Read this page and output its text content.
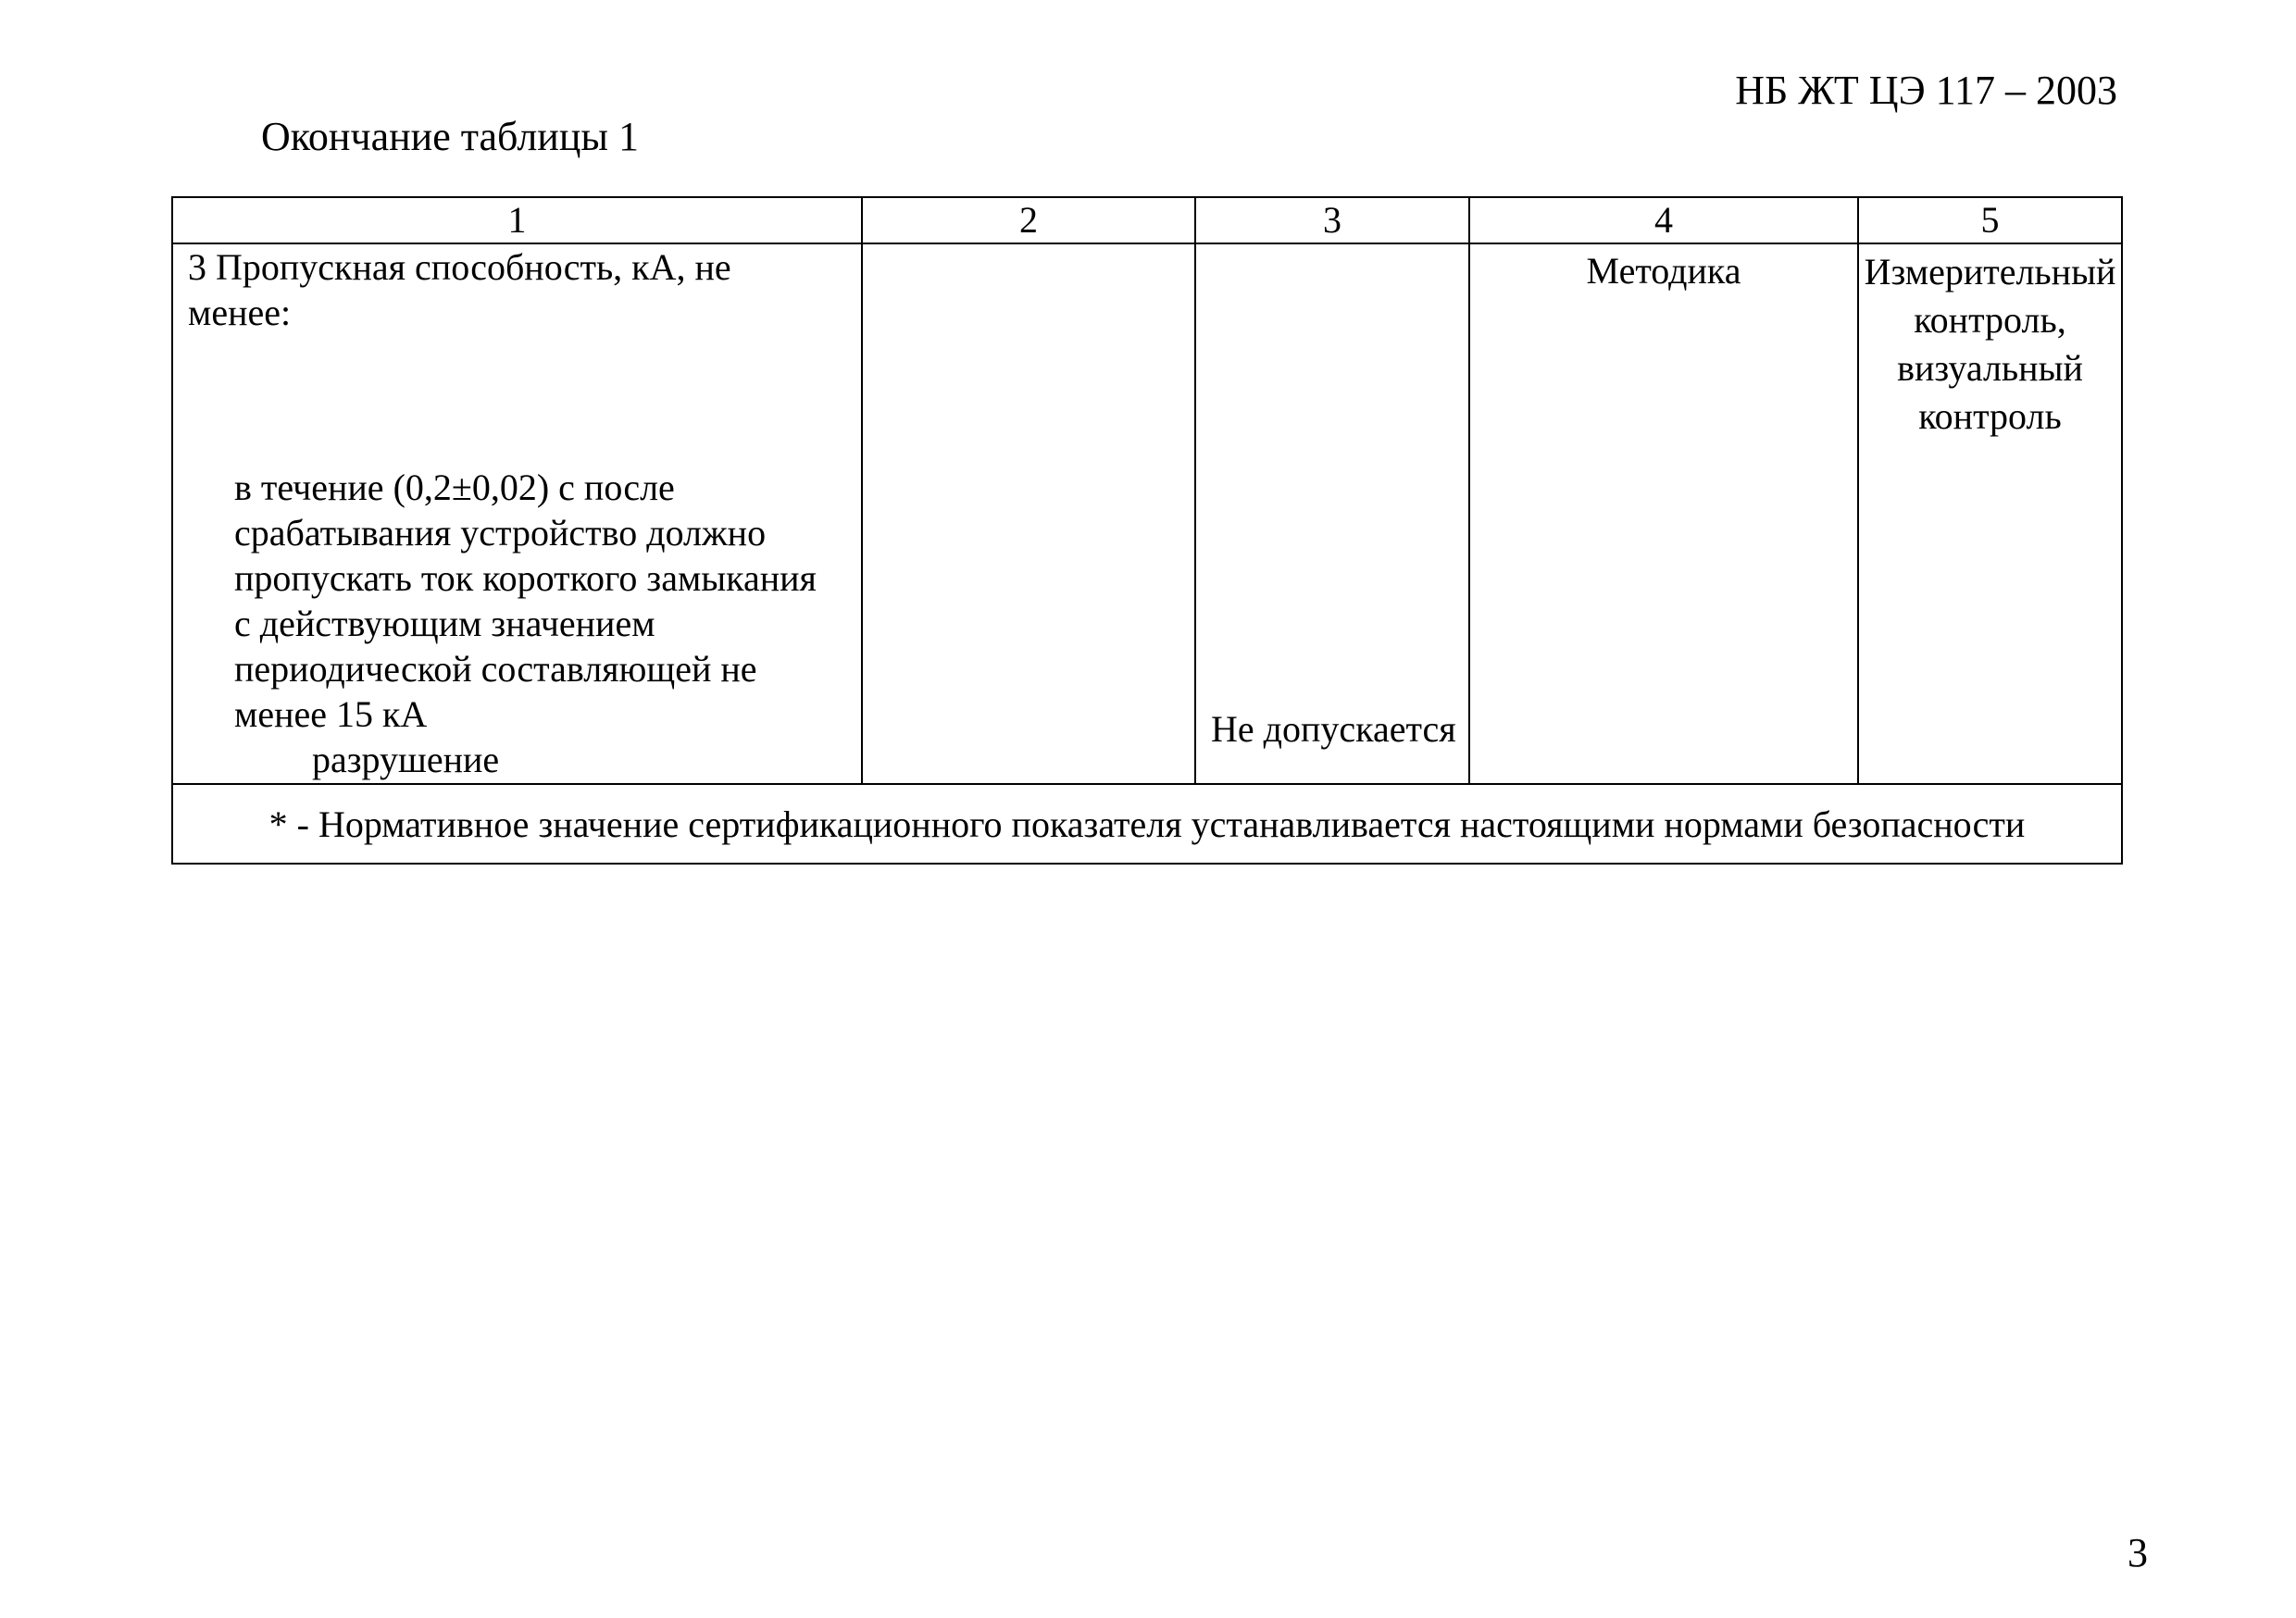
НБ ЖТ ЦЭ 117 – 2003
Окончание таблицы 1
1	2	3	4	5

3 Пропускная способность, кА, не менее:

в течение (0,2±0,02) с после срабатывания устройство должно пропускать ток короткого замыкания с действующим значением периодической составляющей не менее 15 кА

разрушение		Не допускается	Методика	Измерительный контроль, визуальный контроль

* - Нормативное значение сертификационного показателя устанавливается настоящими нормами безопасности				
3
